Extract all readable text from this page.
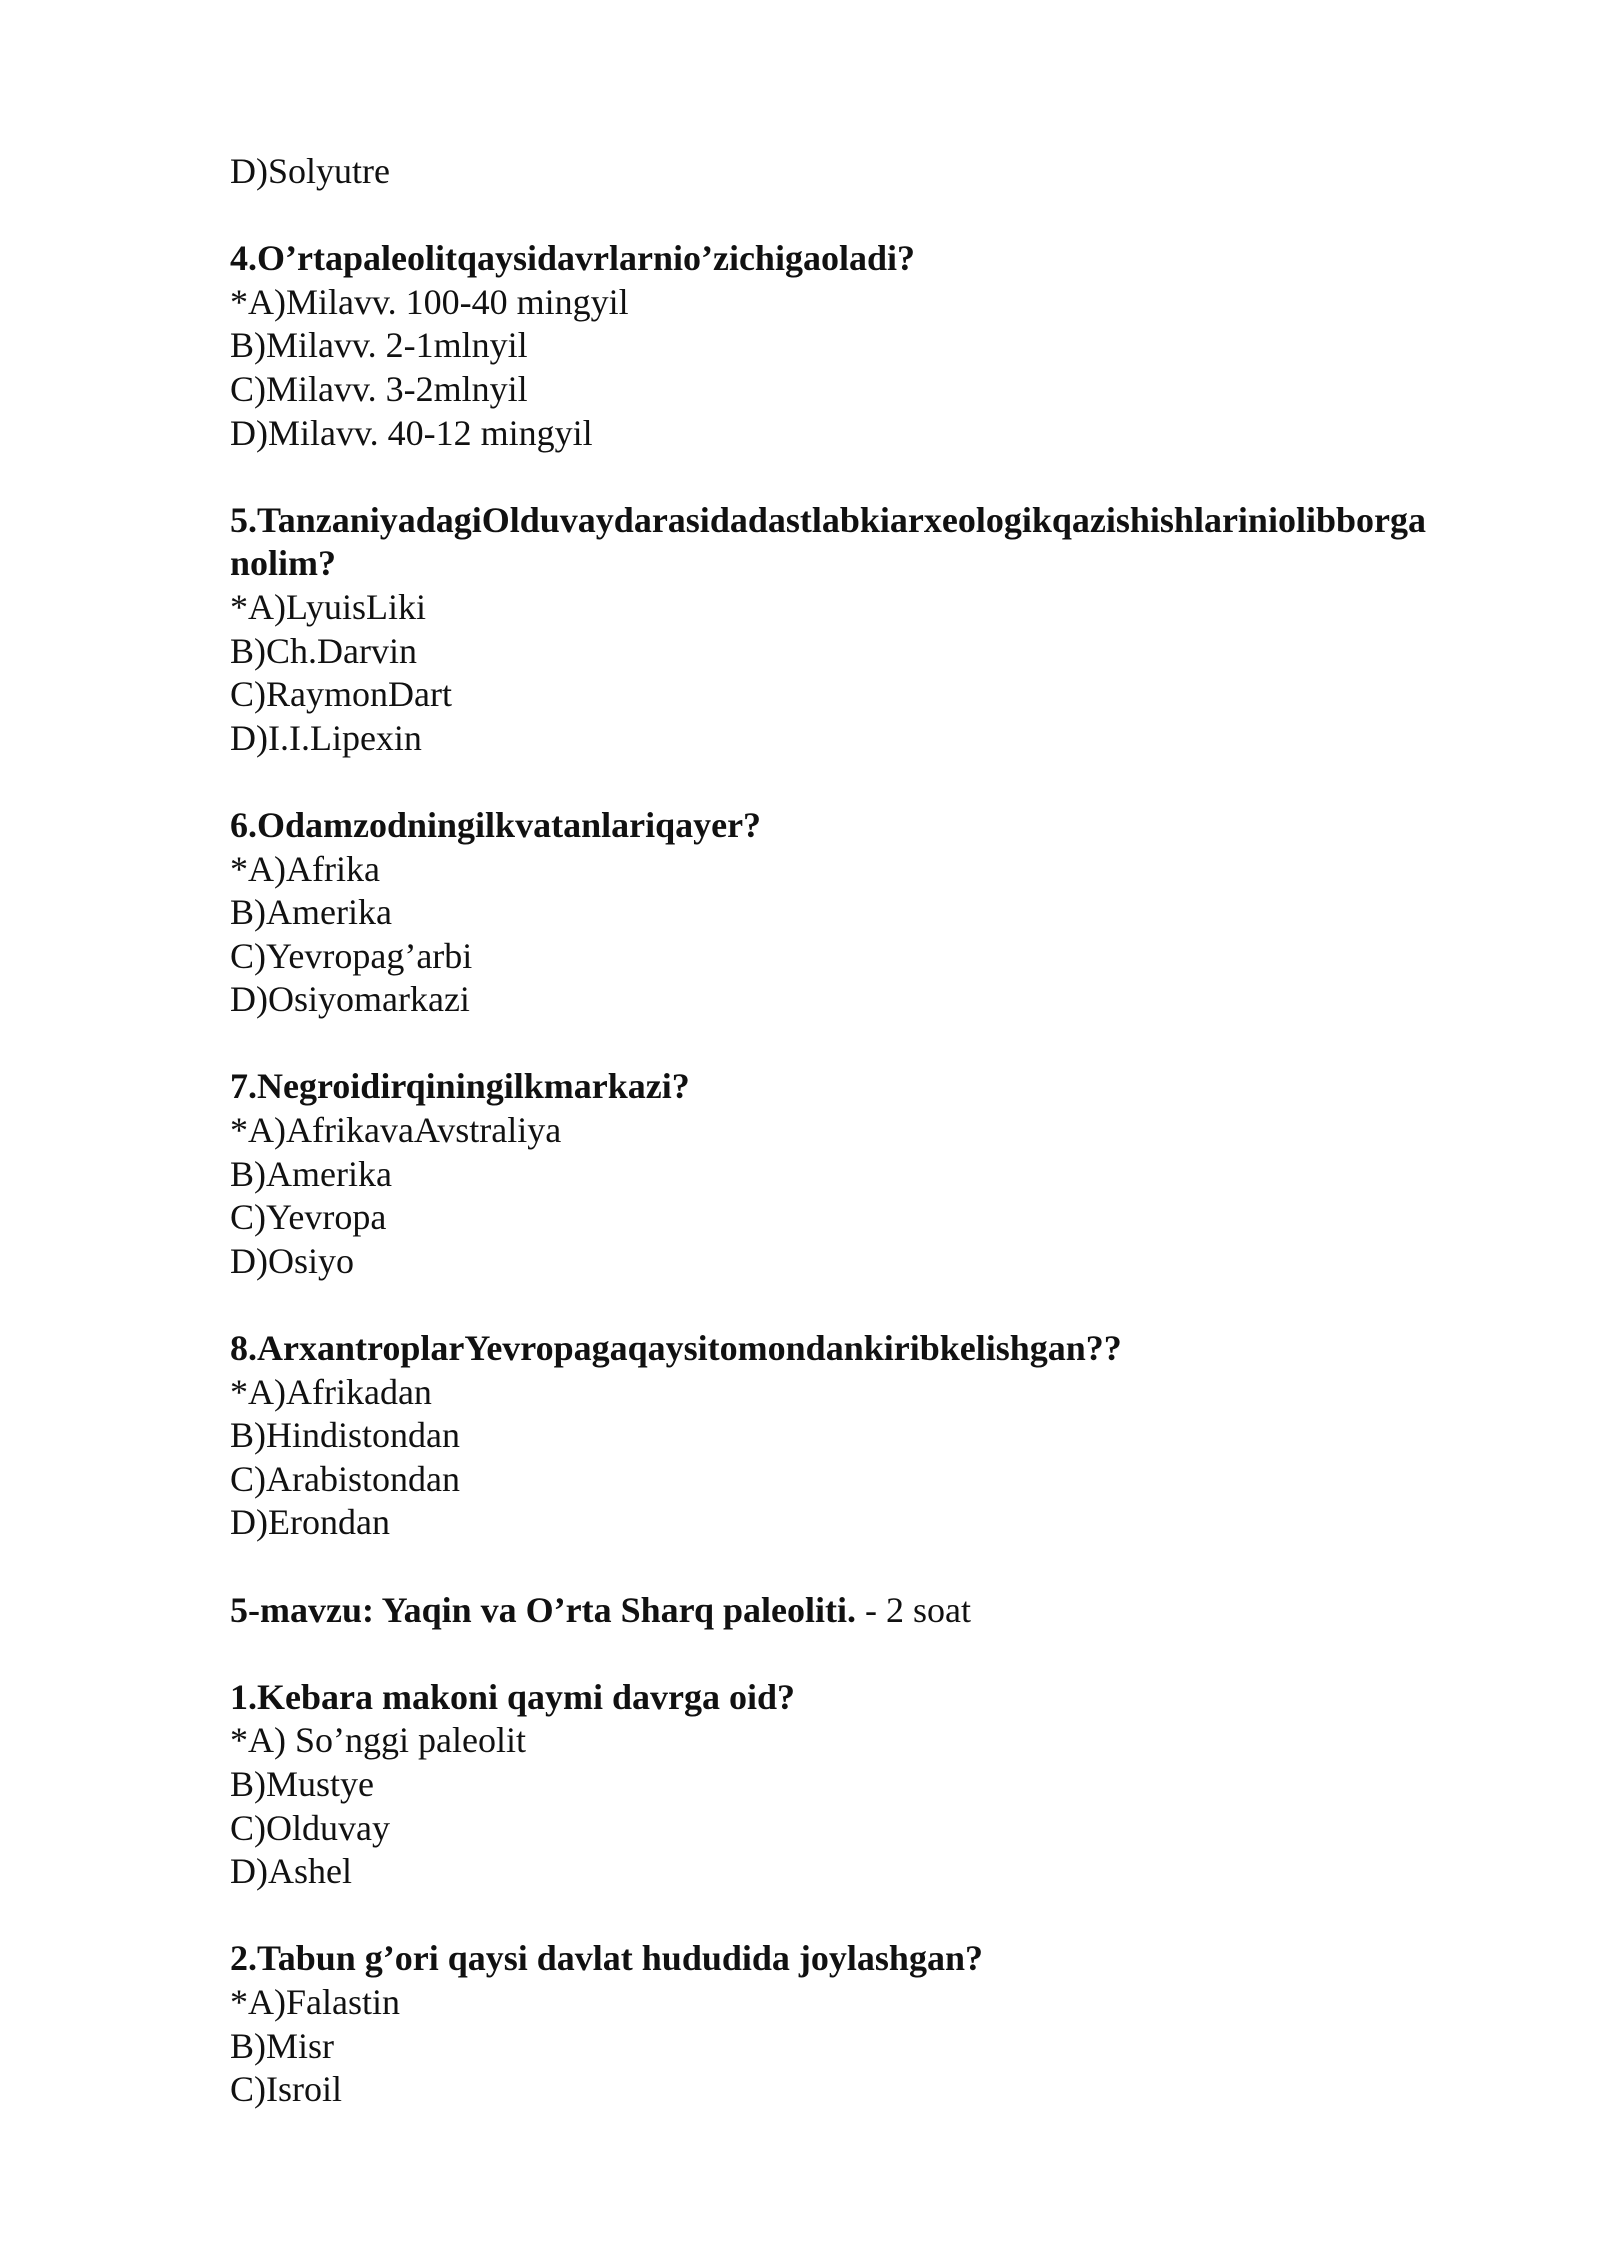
D)Solyutre
4.O’rtapaleolitqaysidavrlarnio’zichigaoladi?
*A)Milavv. 100-40 mingyil
B)Milavv. 2-1mlnyil
C)Milavv. 3-2mlnyil
D)Milavv. 40-12 mingyil
5.TanzaniyadagiOlduvaydarasidadastlabkiarxeologikqazishishlariniolibborga
nolim?
*A)LyuisLiki
B)Ch.Darvin
C)RaymonDart
D)I.I.Lipexin
6.Odamzodningilkvatanlariqayer?
*A)Afrika
B)Amerika
C)Yevropag’arbi
D)Osiyomarkazi
7.Negroidirqiningilkmarkazi?
*A)AfrikavaAvstraliya
B)Amerika
C)Yevropa
D)Osiyo
8.ArxantroplarYevropagaqaysitomondankiribkelishgan??
*A)Afrikadan
B)Hindistondan
C)Arabistondan
D)Erondan
5-mavzu: Yaqin va O’rta Sharq paleoliti. - 2 soat
1.Kebara makoni qaymi davrga oid?
*A) So’nggi paleolit
B)Mustye
C)Olduvay
D)Ashel
2.Tabun g’ori qaysi davlat hududida joylashgan?
*A)Falastin
B)Misr
C)Isroil
